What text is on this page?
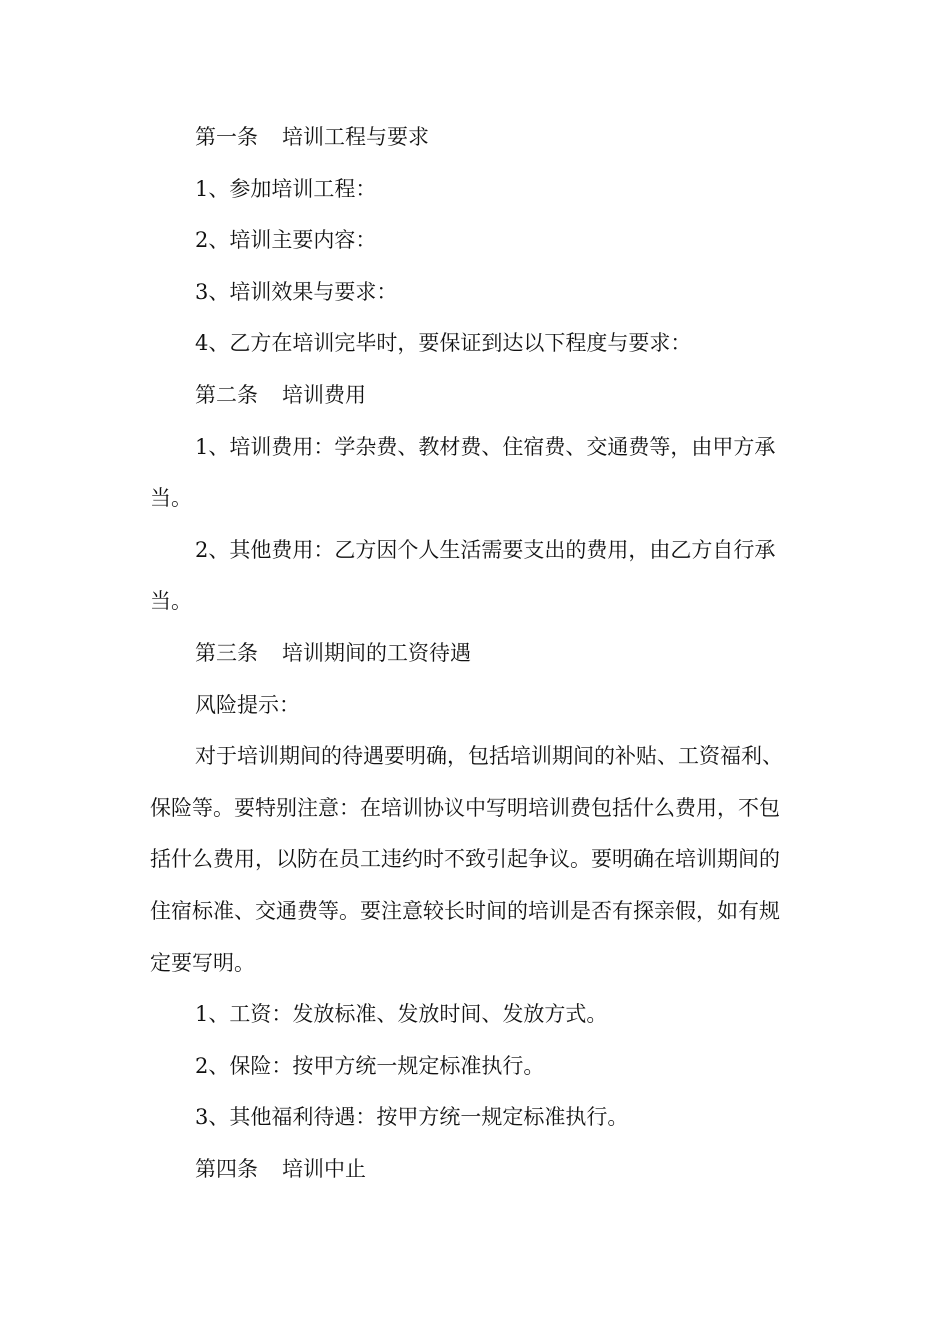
第一条 培训工程与要求

1、参加培训工程：

2、培训主要内容：

3、培训效果与要求：

4、乙方在培训完毕时，要保证到达以下程度与要求：

第二条 培训费用

1、培训费用：学杂费、教材费、住宿费、交通费等，由甲方承当。

2、其他费用：乙方因个人生活需要支出的费用，由乙方自行承当。

第三条 培训期间的工资待遇

风险提示：

对于培训期间的待遇要明确，包括培训期间的补贴、工资福利、保险等。要特别注意：在培训协议中写明培训费包括什么费用，不包括什么费用，以防在员工违约时不致引起争议。要明确在培训期间的住宿标准、交通费等。要注意较长时间的培训是否有探亲假，如有规定要写明。

1、工资：发放标准、发放时间、发放方式。

2、保险：按甲方统一规定标准执行。

3、其他福利待遇：按甲方统一规定标准执行。

第四条 培训中止
